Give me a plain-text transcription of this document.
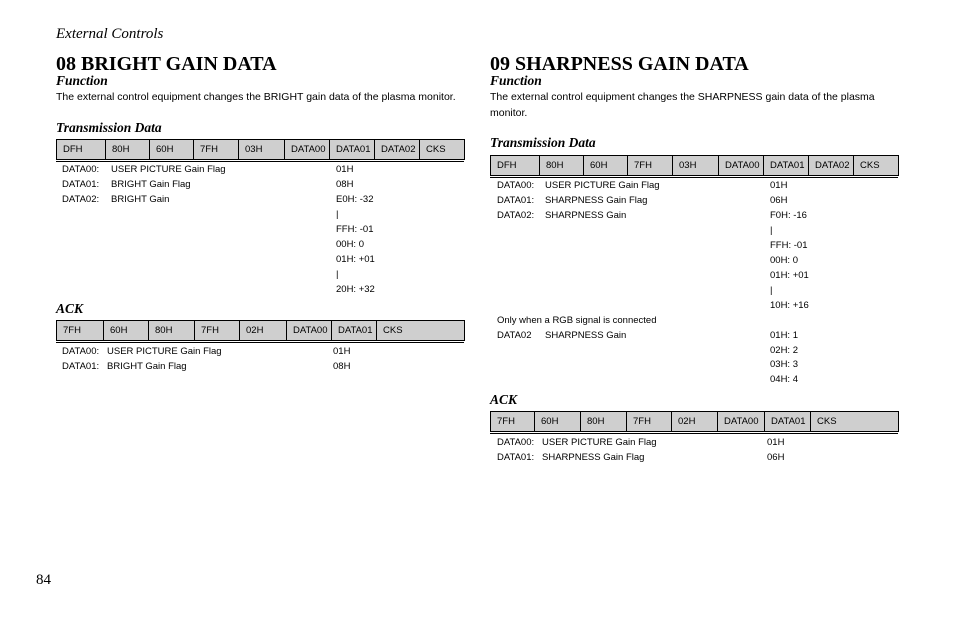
External Controls
08 BRIGHT GAIN DATA
Function
The external control equipment changes the BRIGHT gain data of the plasma monitor.
Transmission Data
DFH	80H	60H	7FH	03H	DATA00	DATA01	DATA02	CKS
DATA00: USER PICTURE Gain Flag	01H
DATA01: BRIGHT Gain Flag	08H
DATA02: BRIGHT Gain	E0H: -32
|
FFH: -01
00H: 0
01H: +01
|
20H: +32
ACK
7FH	60H	80H	7FH	02H	DATA00	DATA01	CKS
DATA00: USER PICTURE Gain Flag	01H
DATA01: BRIGHT Gain Flag	08H
09 SHARPNESS GAIN DATA
Function
The external control equipment changes the SHARPNESS gain data of the plasma
monitor.
Transmission Data
DFH	80H	60H	7FH	03H	DATA00	DATA01	DATA02	CKS
DATA00: USER PICTURE Gain Flag	01H
DATA01: SHARPNESS Gain Flag	06H
DATA02: SHARPNESS Gain	F0H: -16
|
FFH: -01
00H: 0
01H: +01
|
10H: +16
Only when a RGB signal is connected
DATA02 SHARPNESS Gain	01H: 1
02H: 2
03H: 3
04H: 4
ACK
7FH	60H	80H	7FH	02H	DATA00	DATA01	CKS
DATA00: USER PICTURE Gain Flag	01H
DATA01: SHARPNESS Gain Flag	06H
84
